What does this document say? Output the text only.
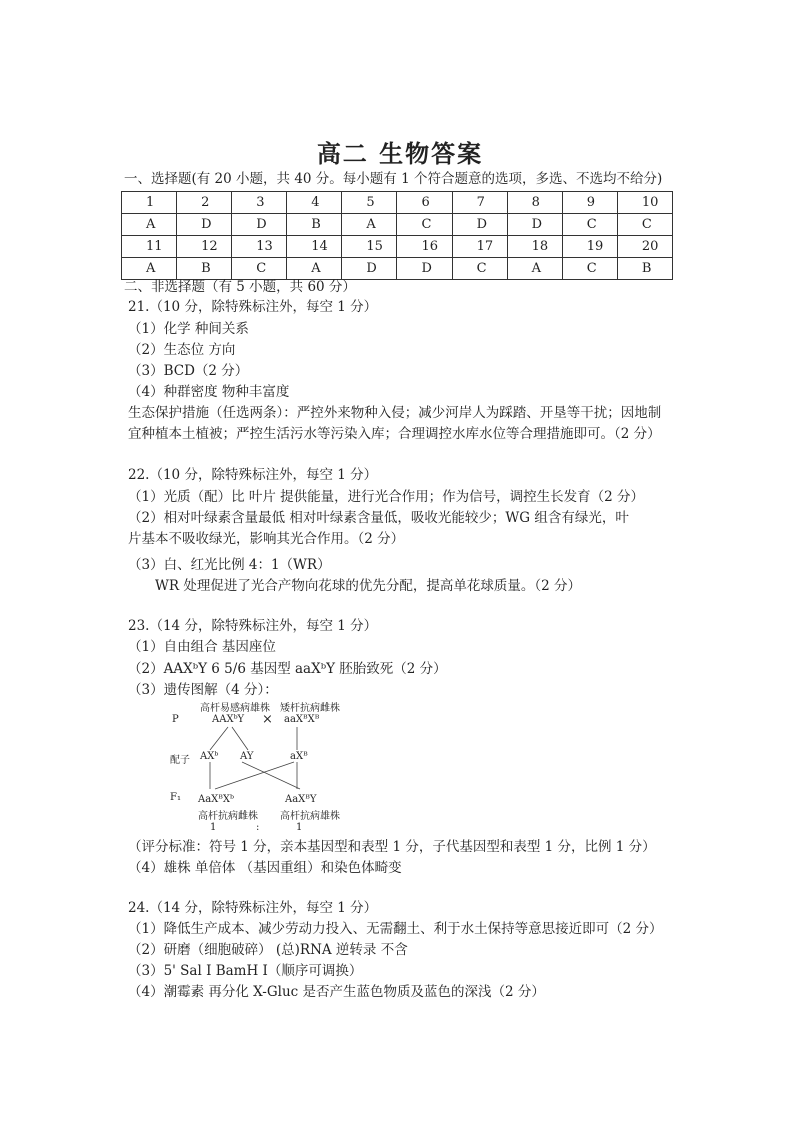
高二 生物答案
一、选择题(有 20 小题，共 40 分。每小题有 1 个符合题意的选项，多选、不选均不给分)
1	2	3	4	5	6	7	8	9	10
A	D	D	B	A	C	D	D	C	C
11	12	13	14	15	16	17	18	19	20
A	B	C	A	D	D	C	A	C	B
二、非选择题（有 5 小题，共 60 分）
21.（10 分，除特殊标注外，每空 1 分）
（1）化学 种间关系
（2）生态位 方向
（3）BCD（2 分）
（4）种群密度 物种丰富度
生态保护措施（任选两条）：严控外来物种入侵；减少河岸人为踩踏、开垦等干扰；因地制
宜种植本土植被；严控生活污水等污染入库；合理调控水库水位等合理措施即可。（2 分）
22.（10 分，除特殊标注外，每空 1 分）
（1）光质（配）比 叶片 提供能量，进行光合作用；作为信号，调控生长发育（2 分）
（2）相对叶绿素含量最低 相对叶绿素含量低，吸收光能较少；WG 组含有绿光，叶
片基本不吸收绿光，影响其光合作用。（2 分）
（3）白、红光比例 4：1（WR）
WR 处理促进了光合产物向花球的优先分配，提高单花球质量。（2 分）
23.（14 分，除特殊标注外，每空 1 分）
（1）自由组合 基因座位
（2）AAXᵇY 6 5/6 基因型 aaXᵇY 胚胎致死（2 分）
（3）遗传图解（4 分）：
P
高杆易感病雄株
AAXᵇY ×
矮杆抗病雌株
aaXᴮXᴮ
配子 AXᵇ AY	aXᴮ
F₁ AaXᴮXᵇ
高杆抗病雌株
AaXᴮY
高杆抗病雄株
1	:	1
（评分标准：符号 1 分，亲本基因型和表型 1 分，子代基因型和表型 1 分，比例 1 分）
（4）雄株 单倍体 （基因重组）和染色体畸变
24.（14 分，除特殊标注外，每空 1 分）
（1）降低生产成本、减少劳动力投入、无需翻土、利于水土保持等意思接近即可（2 分）
（2）研磨（细胞破碎） (总)RNA 逆转录 不含
（3）5' Sal Ⅰ BamH Ⅰ（顺序可调换）
（4）潮霉素 再分化 X-Gluc 是否产生蓝色物质及蓝色的深浅（2 分）
